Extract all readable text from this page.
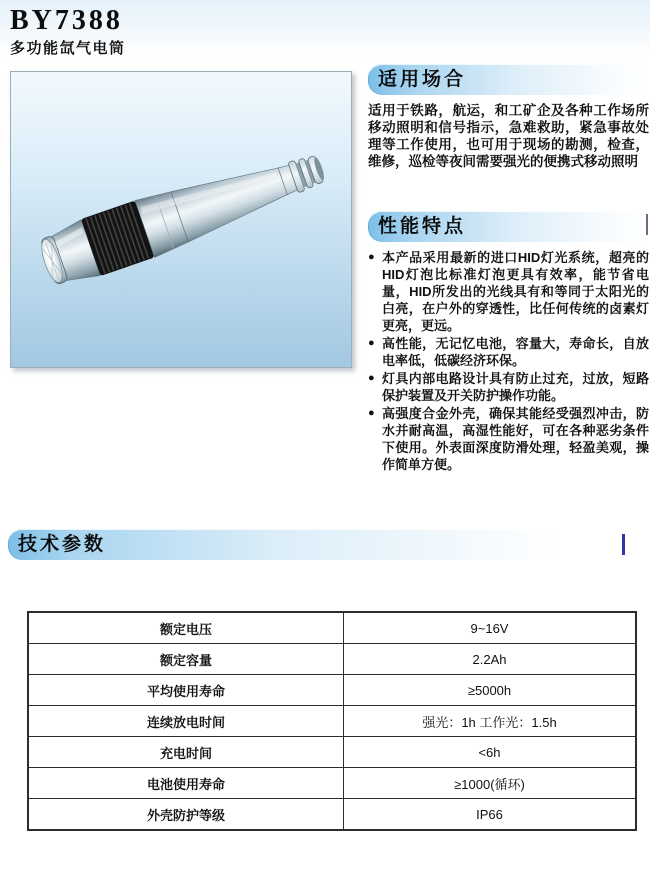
BY7388
多功能氙气电筒
适用场合
适用于铁路，航运，和工矿企及各种工作场所移动照明和信号指示，急难救助，紧急事故处理等工作使用，也可用于现场的勘测，检查，维修，巡检等夜间需要强光的便携式移动照明
性能特点
● 本产品采用最新的进口HID灯光系统，超亮的HID灯泡比标准灯泡更具有效率，能节省电量，HID所发出的光线具有和等同于太阳光的白亮，在户外的穿透性，比任何传统的卤素灯更亮，更远。
● 高性能，无记忆电池，容量大，寿命长，自放电率低，低碳经济环保。
● 灯具内部电路设计具有防止过充，过放，短路保护装置及开关防护操作功能。
● 高强度合金外壳，确保其能经受强烈冲击，防水并耐高温，高湿性能好，可在各种恶劣条件下使用。外表面深度防滑处理，轻盈美观，操作简单方便。
技术参数
额定电压	9~16V
额定容量	2.2Ah
平均使用寿命	≥5000h
连续放电时间	强光：1h 工作光：1.5h
充电时间	<6h
电池使用寿命	≥1000(循环)
外壳防护等级	IP66
